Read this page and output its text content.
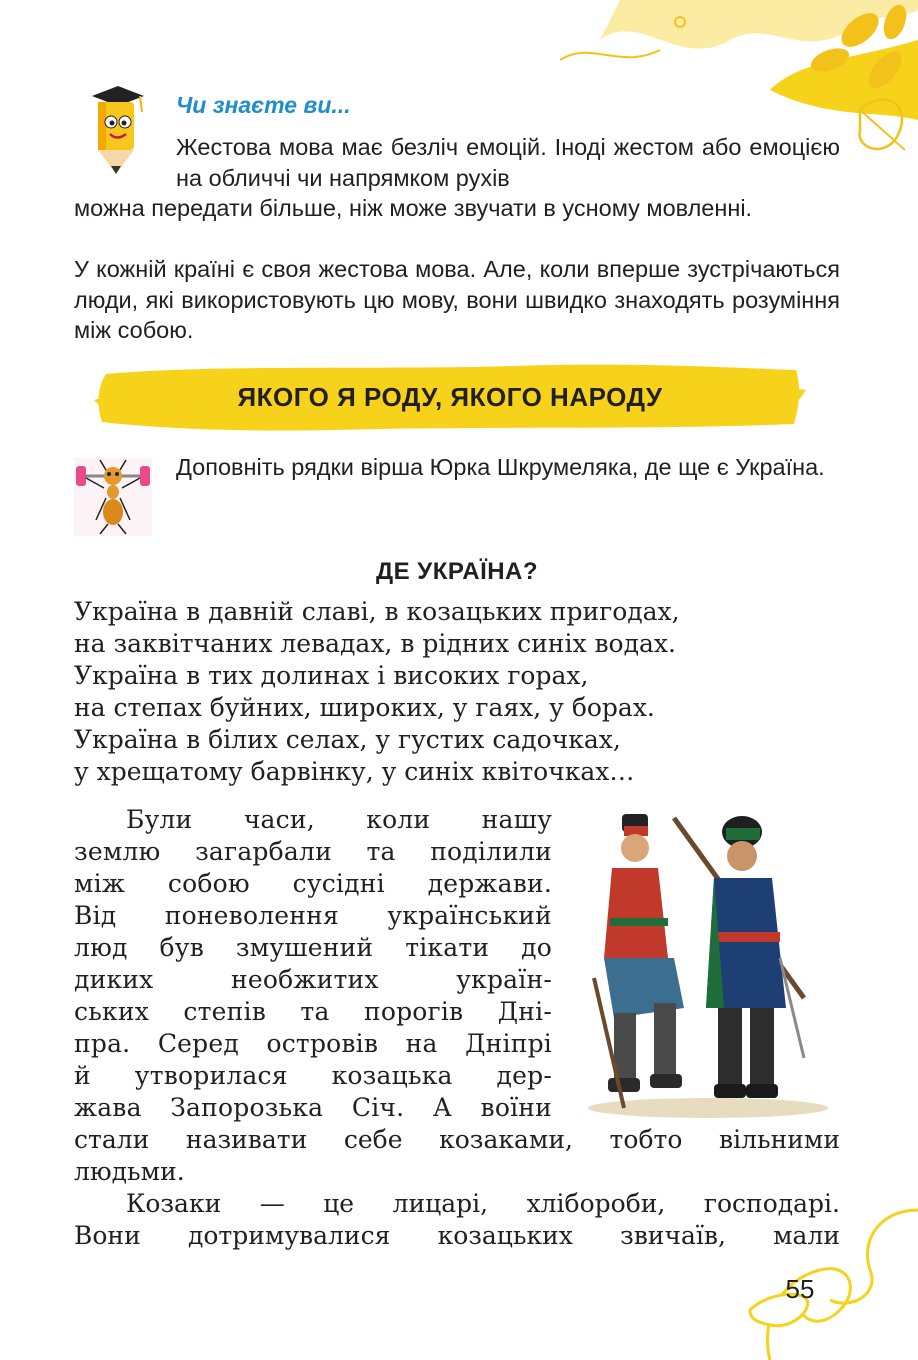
Чи знаєте ви...

Жестова мова має безліч емоцій. Іноді жестом або емоцією на обличчі чи напрямком рухів

можна передати більше, ніж може звучати в усному мовленні.

У кожній країні є своя жестова мова. Але, коли вперше зустрічаються люди, які використовують цю мову, вони швидко знаходять розуміння між собою.

ЯКОГО Я РОДУ, ЯКОГО НАРОДУ

Доповніть рядки вірша Юрка Шкрумеляка, де ще є Україна.

ДЕ УКРАЇНА?
Україна в давній славі, в козацьких пригодах,
на заквітчаних левадах, в рідних синіх водах.
Україна в тих долинах і високих горах,
на степах буйних, широких, у гаях, у борах.
Україна в білих селах, у густих садочках,
у хрещатому барвінку, у синіх квіточках…
Були часи, коли нашу
землю загарбали та поділили
між собою сусідні держави.
Від поневолення український
люд був змушений тікати до
диких необжитих україн-
ських степів та порогів Дні-
пра. Серед островів на Дніпрі
й утворилася козацька дер-
жава Запорозька Січ. А воїни
стали називати себе козаками, тобто вільними
людьми.
Козаки — це лицарі, хлібороби, господарі.
Вони дотримувалися козацьких звичаїв, мали

55
